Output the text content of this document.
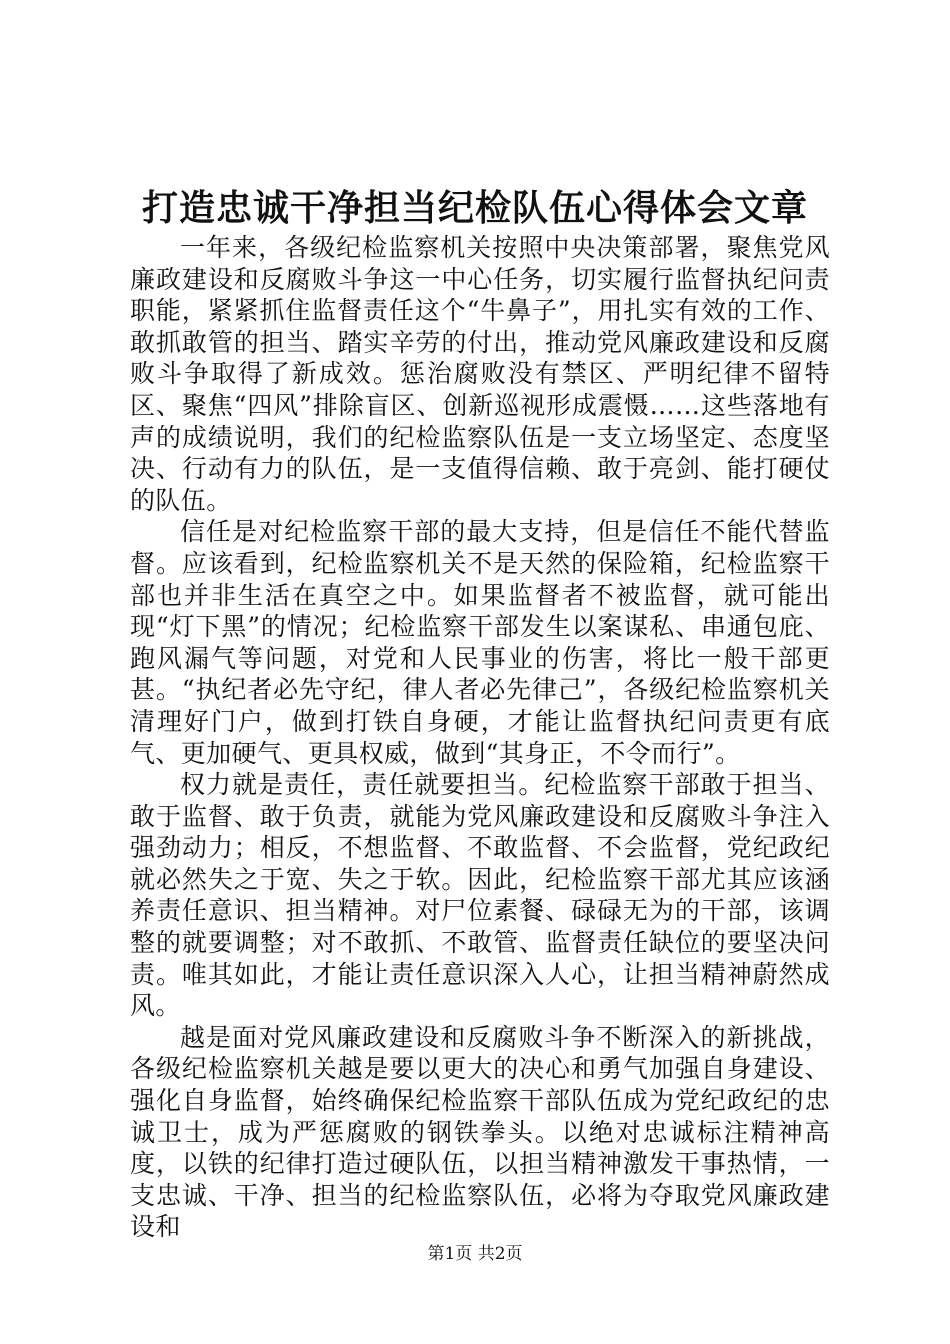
打造忠诚干净担当纪检队伍心得体会文章

一年来，各级纪检监察机关按照中央决策部署，聚焦党风廉政建设和反腐败斗争这一中心任务，切实履行监督执纪问责职能，紧紧抓住监督责任这个“牛鼻子”，用扎实有效的工作、敢抓敢管的担当、踏实辛劳的付出，推动党风廉政建设和反腐败斗争取得了新成效。惩治腐败没有禁区、严明纪律不留特区、聚焦“四风”排除盲区、创新巡视形成震慑……这些落地有声的成绩说明，我们的纪检监察队伍是一支立场坚定、态度坚决、行动有力的队伍，是一支值得信赖、敢于亮剑、能打硬仗的队伍。

信任是对纪检监察干部的最大支持，但是信任不能代替监督。应该看到，纪检监察机关不是天然的保险箱，纪检监察干部也并非生活在真空之中。如果监督者不被监督，就可能出现“灯下黑”的情况；纪检监察干部发生以案谋私、串通包庇、跑风漏气等问题，对党和人民事业的伤害，将比一般干部更甚。“执纪者必先守纪，律人者必先律己”，各级纪检监察机关清理好门户，做到打铁自身硬，才能让监督执纪问责更有底气、更加硬气、更具权威，做到“其身正，不令而行”。

权力就是责任，责任就要担当。纪检监察干部敢于担当、敢于监督、敢于负责，就能为党风廉政建设和反腐败斗争注入强劲动力；相反，不想监督、不敢监督、不会监督，党纪政纪就必然失之于宽、失之于软。因此，纪检监察干部尤其应该涵养责任意识、担当精神。对尸位素餐、碌碌无为的干部，该调整的就要调整；对不敢抓、不敢管、监督责任缺位的要坚决问责。唯其如此，才能让责任意识深入人心，让担当精神蔚然成风。

越是面对党风廉政建设和反腐败斗争不断深入的新挑战，各级纪检监察机关越是要以更大的决心和勇气加强自身建设、强化自身监督，始终确保纪检监察干部队伍成为党纪政纪的忠诚卫士，成为严惩腐败的钢铁拳头。以绝对忠诚标注精神高度，以铁的纪律打造过硬队伍，以担当精神激发干事热情，一支忠诚、干净、担当的纪检监察队伍，必将为夺取党风廉政建设和

第1页 共2页
